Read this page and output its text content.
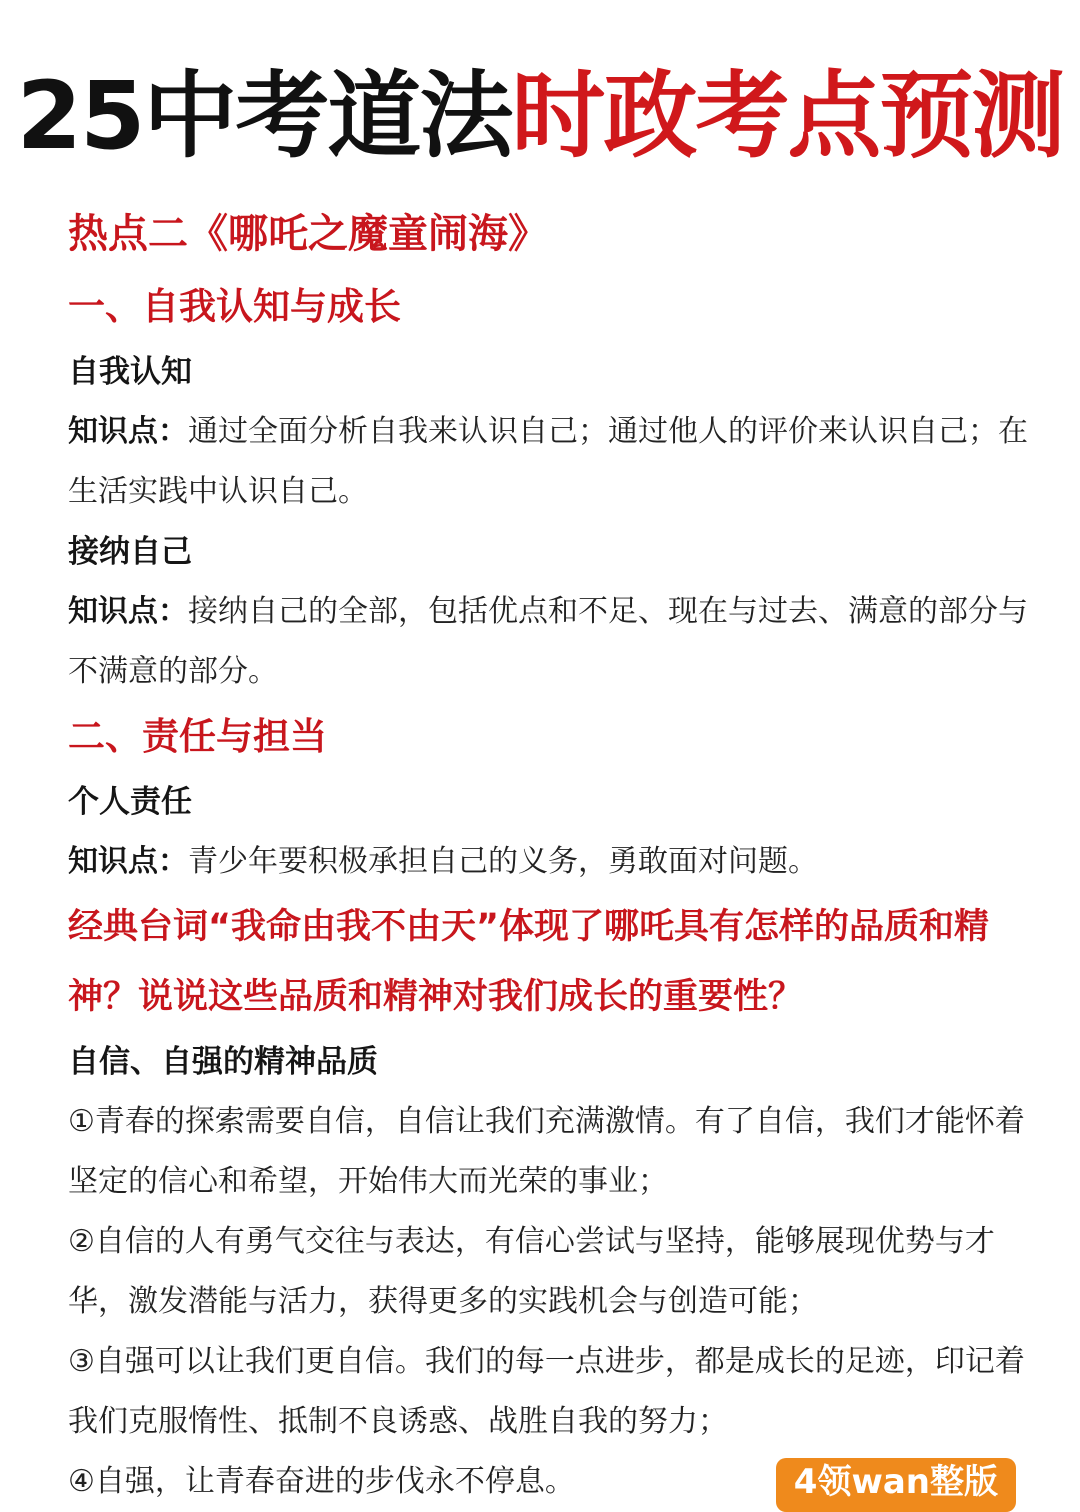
25中考道法时政考点预测
热点二《哪吒之魔童闹海》
一、自我认知与成长
自我认知
知识点：通过全面分析自我来认识自己；通过他人的评价来认识自己；在生活实践中认识自己。
接纳自己
知识点：接纳自己的全部，包括优点和不足、现在与过去、满意的部分与不满意的部分。
二、责任与担当
个人责任
知识点：青少年要积极承担自己的义务，勇敢面对问题。
经典台词“我命由我不由天”体现了哪吒具有怎样的品质和精神？说说这些品质和精神对我们成长的重要性？
自信、自强的精神品质
①青春的探索需要自信，自信让我们充满激情。有了自信，我们才能怀着坚定的信心和希望，开始伟大而光荣的事业；
②自信的人有勇气交往与表达，有信心尝试与坚持，能够展现优势与才华，激发潜能与活力，获得更多的实践机会与创造可能；
③自强可以让我们更自信。我们的每一点进步，都是成长的足迹，印记着我们克服惰性、抵制不良诱惑、战胜自我的努力；
④自强，让青春奋进的步伐永不停息。	4领wan整版
